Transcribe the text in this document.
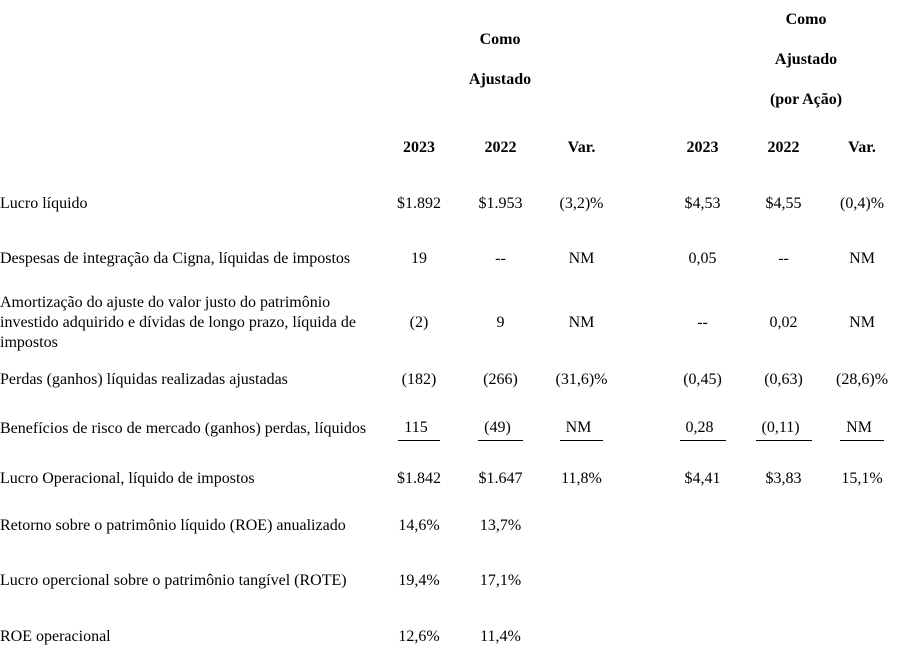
Como
Ajustado

Como
Ajustado
(por Ação)

	2023	2022	Var.		2023	2022	Var.
Lucro líquido	$1.892	$1.953	(3,2)%		$4,53	$4,55	(0,4)%
Despesas de integração da Cigna, líquidas de impostos	19	--	NM		0,05	--	NM
Amortização do ajuste do valor justo do patrimônio investido adquirido e dívidas de longo prazo, líquida de impostos	(2)	9	NM		--	0,02	NM
Perdas (ganhos) líquidas realizadas ajustadas	(182)	(266)	(31,6)%		(0,45)	(0,63)	(28,6)%
Benefícios de risco de mercado (ganhos) perdas, líquidos	115	(49)	NM		0,28	(0,11)	NM
Lucro Operacional, líquido de impostos	$1.842	$1.647	11,8%		$4,41	$3,83	15,1%
Retorno sobre o patrimônio líquido (ROE) anualizado	14,6%	13,7%					
Lucro opercional sobre o patrimônio tangível (ROTE)	19,4%	17,1%					
ROE operacional	12,6%	11,4%					
